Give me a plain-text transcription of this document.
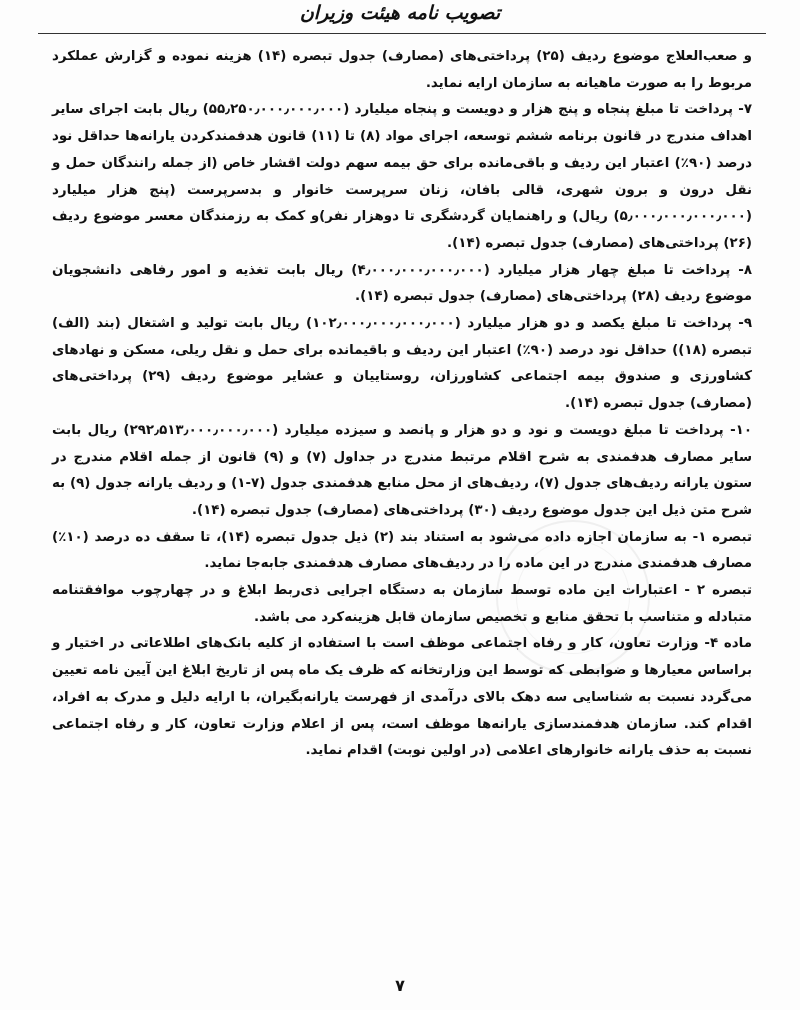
تصویب نامه هیئت وزیران

و صعب‌العلاج موضوع ردیف (۲۵) پرداختی‌های (مصارف) جدول تبصره (۱۴) هزینه نموده و گزارش عملکرد مربوط را به صورت ماهیانه به سازمان ارایه نماید.

۷- پرداخت تا مبلغ پنجاه و پنج هزار و دویست و پنجاه میلیارد (۵۵٫۲۵۰٫۰۰۰٫۰۰۰٫۰۰۰) ریال بابت اجرای سایر اهداف مندرج در قانون برنامه ششم توسعه، اجرای مواد (۸) تا (۱۱) قانون هدفمندکردن یارانه‌ها حداقل نود درصد (۹۰٪) اعتبار این ردیف و باقی‌مانده برای حق بیمه سهم دولت اقشار خاص (از جمله رانندگان حمل و نقل درون و برون شهری، قالی بافان، زنان سرپرست خانوار و بدسرپرست (پنج هزار میلیارد (۵٫۰۰۰٫۰۰۰٫۰۰۰٫۰۰۰) ریال) و راهنمایان گردشگری تا دوهزار نفر)و کمک به رزمندگان معسر موضوع ردیف (۲۶) پرداختی‌های (مصارف) جدول تبصره (۱۴).

۸- پرداخت تا مبلغ چهار هزار میلیارد (۴٫۰۰۰٫۰۰۰٫۰۰۰٫۰۰۰) ریال بابت تغذیه و امور رفاهی دانشجویان موضوع ردیف (۲۸) پرداختی‌های (مصارف) جدول تبصره (۱۴).

۹- پرداخت تا مبلغ یکصد و دو هزار میلیارد (۱۰۲٫۰۰۰٫۰۰۰٫۰۰۰٫۰۰۰) ریال بابت تولید و اشتغال (بند (الف) تبصره (۱۸)) حداقل نود درصد (۹۰٪) اعتبار این ردیف و باقیمانده برای حمل و نقل ریلی، مسکن و نهادهای کشاورزی و صندوق بیمه اجتماعی کشاورزان، روستاییان و عشایر موضوع ردیف (۲۹) پرداختی‌های (مصارف) جدول تبصره (۱۴).

۱۰- پرداخت تا مبلغ دویست و نود و دو هزار و پانصد و سیزده میلیارد (۲۹۲٫۵۱۳٫۰۰۰٫۰۰۰٫۰۰۰) ریال بابت سایر مصارف هدفمندی به شرح اقلام مرتبط مندرج در جداول (۷) و (۹) قانون از جمله اقلام مندرج در ستون یارانه ردیف‌های جدول (۷)، ردیف‌های از محل منابع هدفمندی جدول (۷-۱) و ردیف یارانه جدول (۹) به شرح متن ذیل این جدول موضوع ردیف (۳۰) پرداختی‌های (مصارف) جدول تبصره (۱۴).

تبصره ۱- به سازمان اجازه داده می‌شود به استناد بند (۲) ذیل جدول تبصره (۱۴)، تا سقف ده درصد (۱۰٪) مصارف هدفمندی مندرج در این ماده را در ردیف‌های مصارف هدفمندی جابه‌جا نماید.

تبصره ۲ - اعتبارات این ماده توسط سازمان به دستگاه اجرایی ذی‌ربط ابلاغ و در چهارچوب موافقتنامه متبادله و متناسب با تحقق منابع و تخصیص سازمان قابل هزینه‌کرد می باشد.

ماده ۴- وزارت تعاون، کار و رفاه اجتماعی موظف است با استفاده از کلیه بانک‌های اطلاعاتی در اختیار و براساس معیارها و ضوابطی که توسط این وزارتخانه که ظرف یک ماه پس از تاریخ ابلاغ این آیین نامه تعیین می‌گردد نسبت به شناسایی سه دهک بالای درآمدی از فهرست یارانه‌بگیران، با ارایه دلیل و مدرک به افراد، اقدام کند. سازمان هدفمندسازی یارانه‌ها موظف است، پس از اعلام وزارت تعاون، کار و رفاه اجتماعی نسبت به حذف یارانه خانوارهای اعلامی (در اولین نوبت) اقدام نماید.

۷
